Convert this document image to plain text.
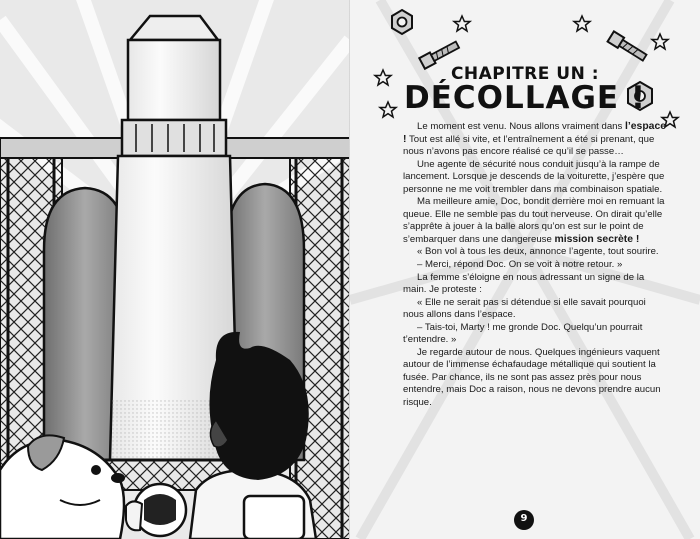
CHAPITRE UN :
DÉCOLLAGE !

Le moment est venu. Nous allons vraiment dans l’espace ! Tout est allé si vite, et l’entraînement a été si prenant, que nous n’avons pas encore réalisé ce qu’il se passe…

Une agente de sécurité nous conduit jusqu’à la rampe de lancement. Lorsque je descends de la voiturette, j’espère que personne ne me voit trembler dans ma combinaison spatiale.

Ma meilleure amie, Doc, bondit derrière moi en remuant la queue. Elle ne semble pas du tout nerveuse. On dirait qu’elle s’apprête à jouer à la balle alors qu’on est sur le point de s’embarquer dans une dangereuse mission secrète !

« Bon vol à tous les deux, annonce l’agente, tout sourire.

– Merci, répond Doc. On se voit à notre retour. »

La femme s’éloigne en nous adressant un signe de la main. Je proteste :

« Elle ne serait pas si détendue si elle savait pourquoi nous allons dans l’espace.

– Tais-toi, Marty ! me gronde Doc. Quelqu’un pourrait t’entendre. »

Je regarde autour de nous. Quelques ingénieurs vaquent autour de l’immense échafaudage métallique qui soutient la fusée. Par chance, ils ne sont pas assez près pour nous entendre, mais Doc a raison, nous ne devons prendre aucun risque.

9
